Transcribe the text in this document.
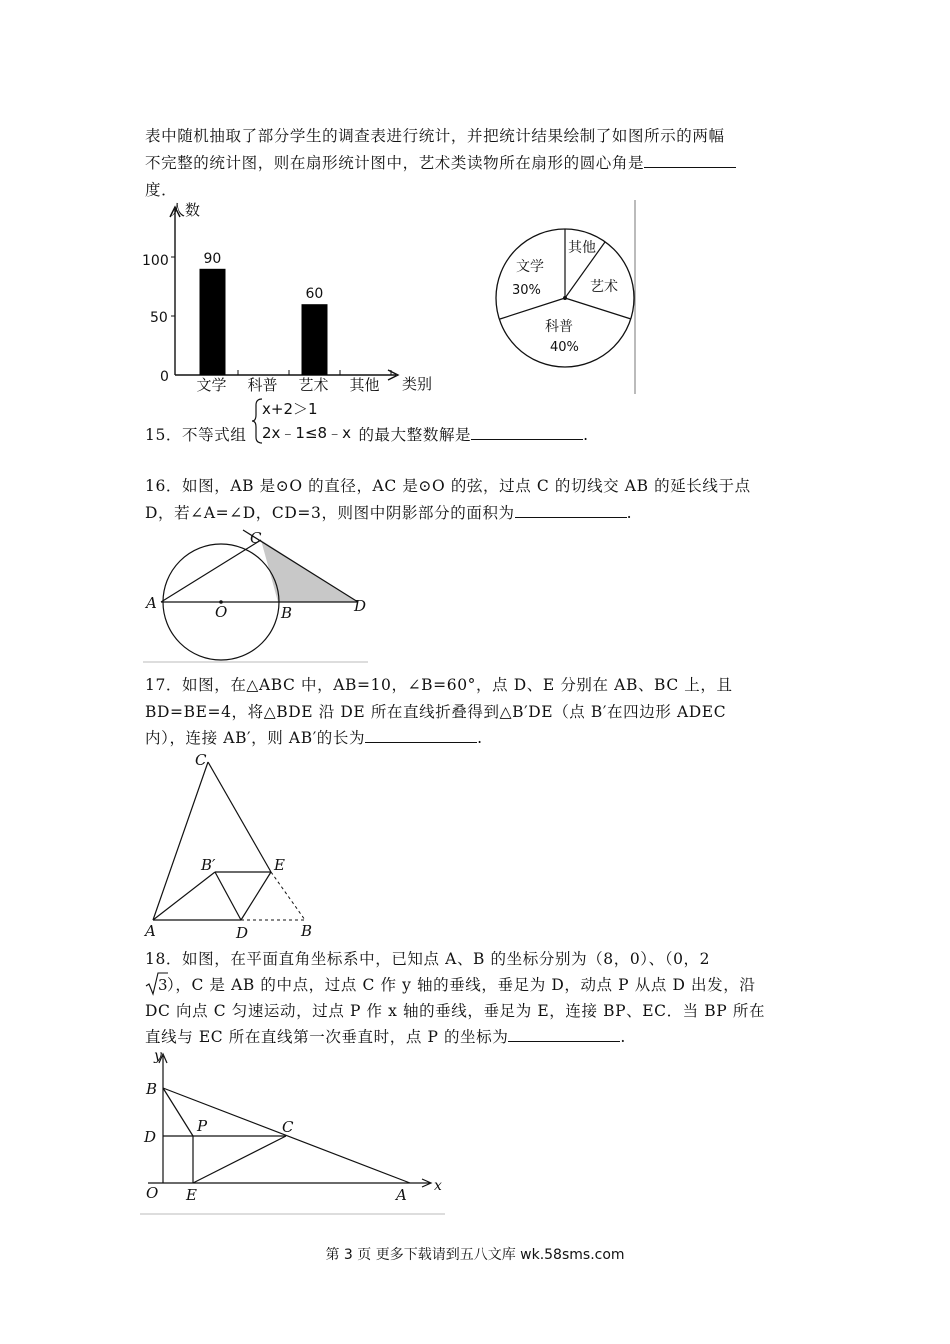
表中随机抽取了部分学生的调查表进行统计，并把统计结果绘制了如图所示的两幅

不完整的统计图，则在扇形统计图中，艺术类读物所在扇形的圆心角是

度．

人数
类别
100
50
0
90
文学 科普
60
艺术 其他
文学
30%
其他
艺术
科普
40%

15．不等式组	的最大整数解是	.

x+2＞1
2x﹣1≤8﹣x

16．如图，AB 是⊙O 的直径，AC 是⊙O 的弦，过点 C 的切线交 AB 的延长线于点

D，若∠A=∠D，CD=3，则图中阴影部分的面积为	.

A	O	B
C
D

17．如图，在△ABC 中，AB=10，∠B=60°，点 D、E 分别在 AB、BC 上，且

BD=BE=4，将△BDE 沿 DE 所在直线折叠得到△B′DE（点 B′在四边形 ADEC

内），连接 AB′，则 AB′的长为	.

C
A	D	B
E
B′

18．如图，在平面直角坐标系中，已知点 A、B 的坐标分别为（8，0）、（0，2

），C 是 AB 的中点，过点 C 作 y 轴的垂线，垂足为 D，动点 P 从点 D 出发，沿

3

DC 向点 C 匀速运动，过点 P 作 x 轴的垂线，垂足为 E，连接 BP、EC．当 BP 所在

直线与 EC 所在直线第一次垂直时，点 P 的坐标为	.

y
x
B
D
P	C
O E	A
第 3 页 更多下载请到五八文库 wk.58sms.com
